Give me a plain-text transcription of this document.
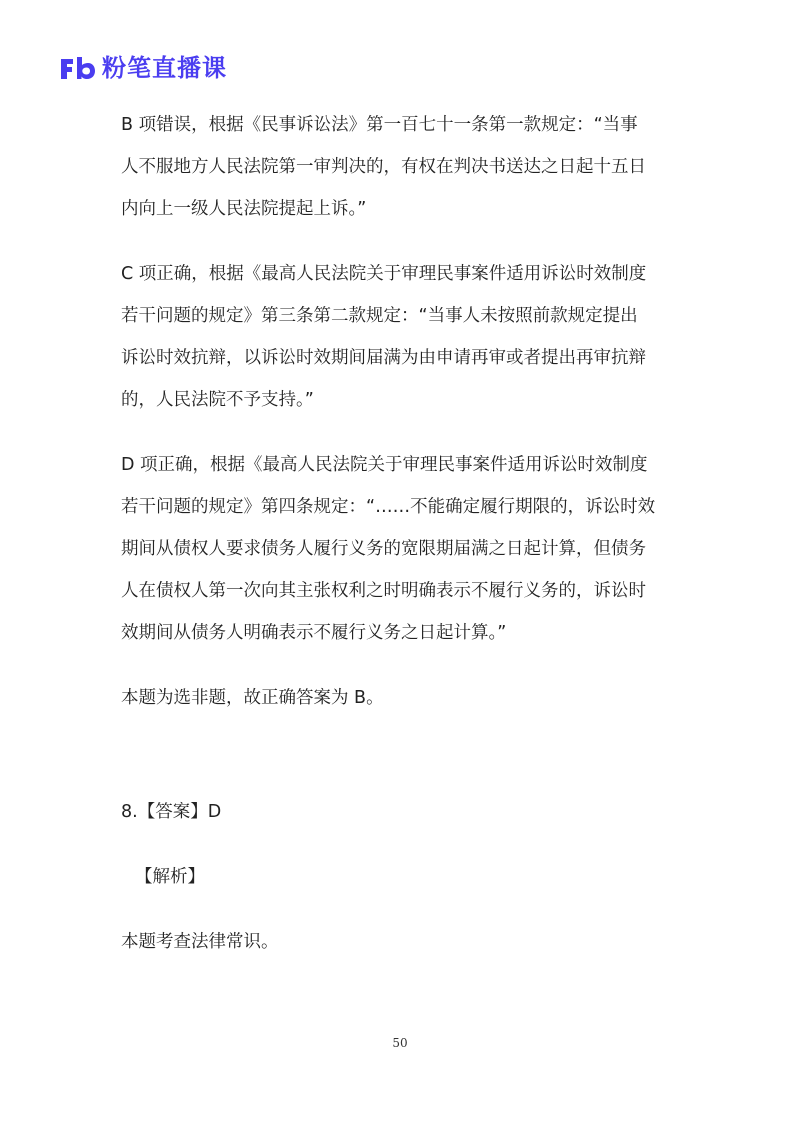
粉笔直播课

B 项错误，根据《民事诉讼法》第一百七十一条第一款规定：“当事

人不服地方人民法院第一审判决的，有权在判决书送达之日起十五日

内向上一级人民法院提起上诉。”

C 项正确，根据《最高人民法院关于审理民事案件适用诉讼时效制度

若干问题的规定》第三条第二款规定：“当事人未按照前款规定提出

诉讼时效抗辩，以诉讼时效期间届满为由申请再审或者提出再审抗辩

的，人民法院不予支持。”

D 项正确，根据《最高人民法院关于审理民事案件适用诉讼时效制度

若干问题的规定》第四条规定：“……不能确定履行期限的，诉讼时效

期间从债权人要求债务人履行义务的宽限期届满之日起计算，但债务

人在债权人第一次向其主张权利之时明确表示不履行义务的，诉讼时

效期间从债务人明确表示不履行义务之日起计算。”

本题为选非题，故正确答案为 B。

8.【答案】D

【解析】

本题考查法律常识。

50
